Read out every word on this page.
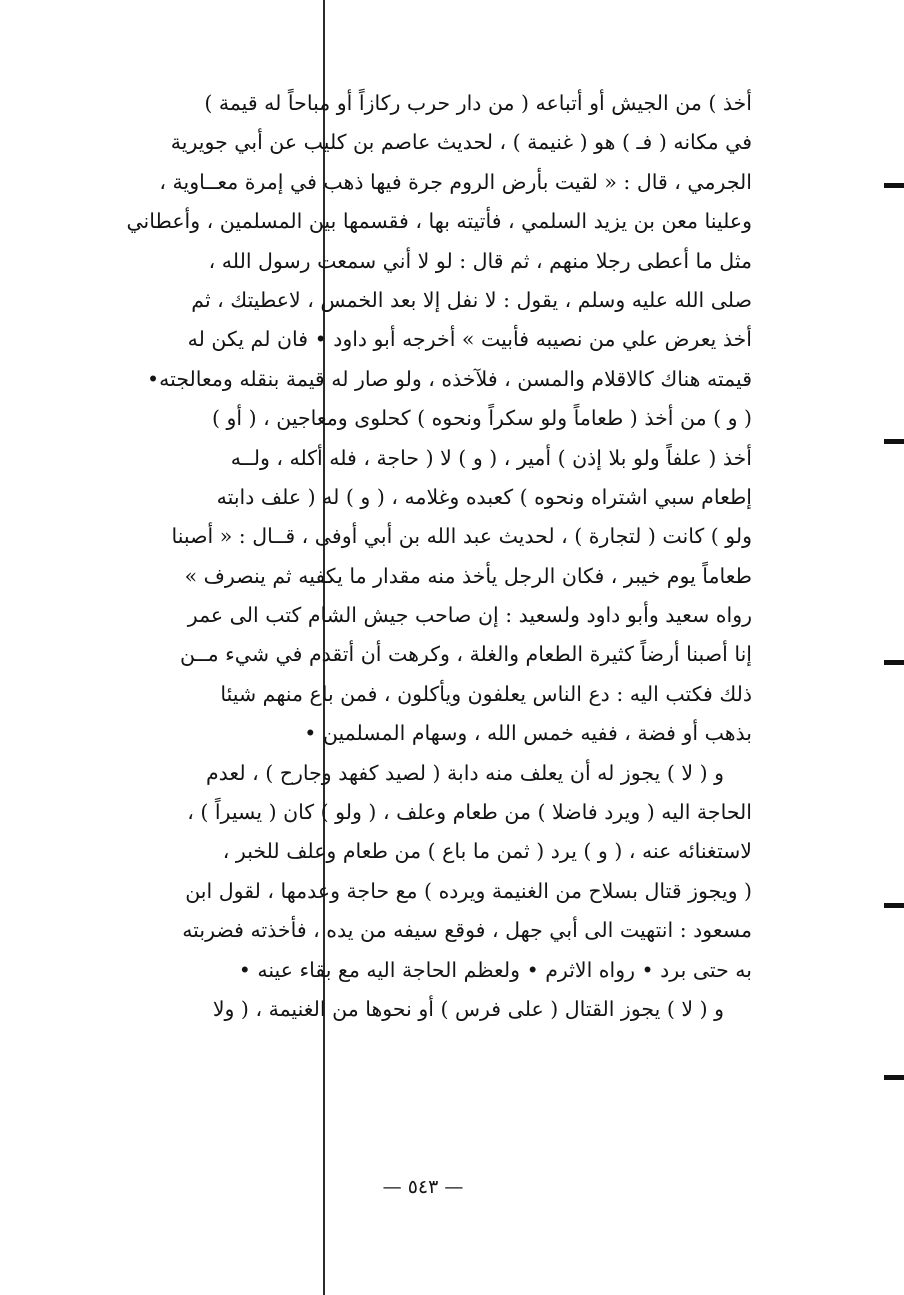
أخذ ) من الجيش أو أتباعه ( من دار حرب ركازاً أو مباحاً له قيمة )
في مكانه ( فـ ) هو ( غنيمة ) ، لحديث عاصم بن كليب عن أبي جويرية
الجرمي ، قال : « لقيت بأرض الروم جرة فيها ذهب في إمرة معــاوية ،
وعلينا معن بن يزيد السلمي ، فأتيته بها ، فقسمها بين المسلمين ، وأعطاني
مثل ما أعطى رجلا منهم ، ثم قال : لو لا أني سمعت رسول الله ،
صلى الله عليه وسلم ، يقول : لا نفل إلا بعد الخمس ، لاعطيتك ، ثم
أخذ يعرض علي من نصيبه فأبيت » أخرجه أبو داود • فان لم يكن له
قيمته هناك كالاقلام والمسن ، فلآخذه ، ولو صار له قيمة بنقله ومعالجته•
( و ) من أخذ ( طعاماً ولو سكراً ونحوه ) كحلوى ومعاجين ، ( أو )
أخذ ( علفاً ولو بلا إذن ) أمير ، ( و ) لا ( حاجة ، فله أكله ، ولــه
إطعام سبي اشتراه ونحوه ) كعبده وغلامه ، ( و ) له ( علف دابته
ولو ) كانت ( لتجارة ) ، لحديث عبد الله بن أبي أوفى ، قــال : « أصبنا
طعاماً يوم خيبر ، فكان الرجل يأخذ منه مقدار ما يكفيه ثم ينصرف »
رواه سعيد وأبو داود ولسعيد : إن صاحب جيش الشام كتب الى عمر
إنا أصبنا أرضاً كثيرة الطعام والغلة ، وكرهت أن أتقدم في شيء مــن
ذلك فكتب اليه : دع الناس يعلفون ويأكلون ، فمن باع منهم شيئا
بذهب أو فضة ، ففيه خمس الله ، وسهام المسلمين •
و ( لا ) يجوز له أن يعلف منه دابة ( لصيد كفهد وجارح ) ، لعدم
الحاجة اليه ( ويرد فاضلا ) من طعام وعلف ، ( ولو ) كان ( يسيراً ) ،
لاستغنائه عنه ، ( و ) يرد ( ثمن ما باع ) من طعام وعلف للخبر ،
( ويجوز قتال بسلاح من الغنيمة ويرده ) مع حاجة وعدمها ، لقول ابن
مسعود : انتهيت الى أبي جهل ، فوقع سيفه من يده ، فأخذته فضربته
به حتى برد • رواه الاثرم • ولعظم الحاجة اليه مع بقاء عينه •
و ( لا ) يجوز القتال ( على فرس ) أو نحوها من الغنيمة ، ( ولا
— ٥٤٣ —
